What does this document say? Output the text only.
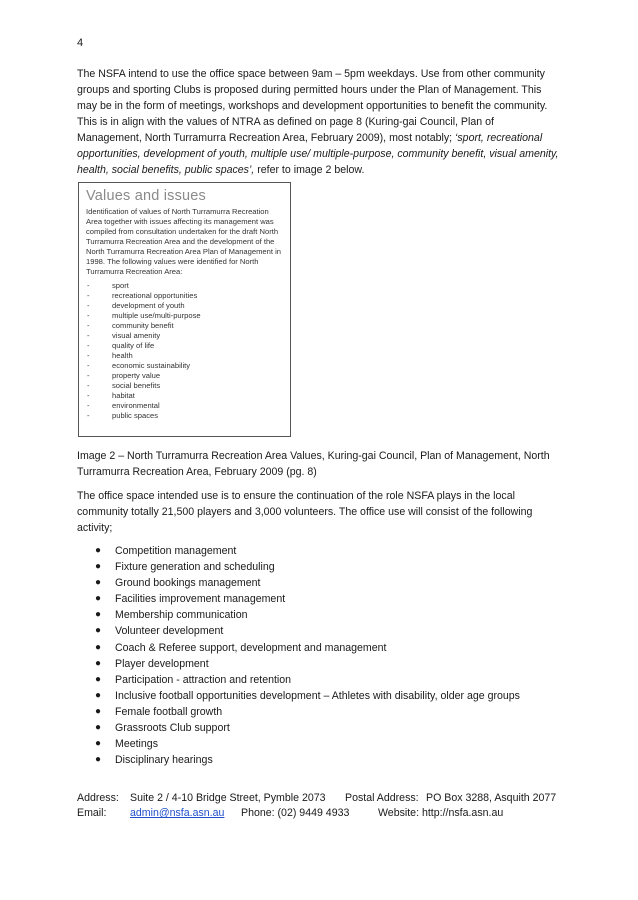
4

The NSFA intend to use the office space between 9am – 5pm weekdays. Use from other community groups and sporting Clubs is proposed during permitted hours under the Plan of Management. This may be in the form of meetings, workshops and development opportunities to benefit the community. This is in align with the values of NTRA as defined on page 8 (Kuring-gai Council, Plan of Management, North Turramurra Recreation Area, February 2009), most notably; ‘sport, recreational opportunities, development of youth, multiple use/ multiple-purpose, community benefit, visual amenity, health, social benefits, public spaces’, refer to image 2 below.

Values and issues
Identification of values of North Turramurra Recreation Area together with issues affecting its management was compiled from consultation undertaken for the draft North Turramurra Recreation Area and the development of the North Turramurra Recreation Area Plan of Management in 1998. The following values were identified for North Turramurra Recreation Area:
-	sport
-	recreational opportunities
-	development of youth
-	multiple use/multi-purpose
-	community benefit
-	visual amenity
-	quality of life
-	health
-	economic sustainability
-	property value
-	social benefits
-	habitat
-	environmental
-	public spaces

Image 2 – North Turramurra Recreation Area Values, Kuring-gai Council, Plan of Management, North Turramurra Recreation Area, February 2009 (pg. 8)

The office space intended use is to ensure the continuation of the role NSFA plays in the local community totally 21,500 players and 3,000 volunteers. The office use will consist of the following activity;

● Competition management
● Fixture generation and scheduling
● Ground bookings management
● Facilities improvement management
● Membership communication
● Volunteer development
● Coach & Referee support, development and management
● Player development
● Participation - attraction and retention
● Inclusive football opportunities development – Athletes with disability, older age groups
● Female football growth
● Grassroots Club support
● Meetings
● Disciplinary hearings
Address: Suite 2 / 4-10 Bridge Street, Pymble 2073 Postal Address: PO Box 3288, Asquith 2077
Email: admin@nsfa.asn.au Phone: (02) 9449 4933	Website: http://nsfa.asn.au
